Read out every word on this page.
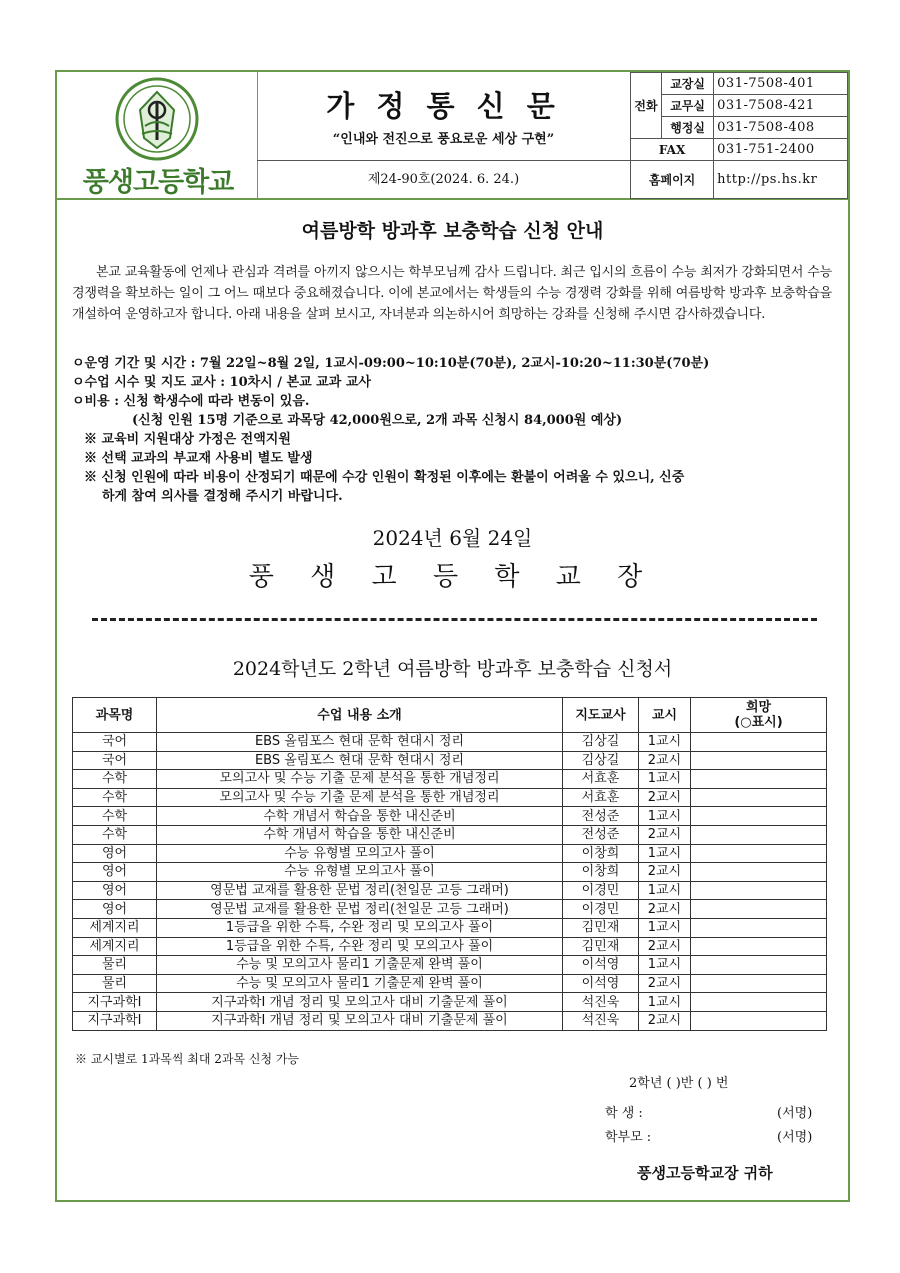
풍생고등학교
가 정 통 신 문
“인내와 전진으로 풍요로운 세상 구현”
제24-90호(2024. 6. 24.)
전화	교장실	031-7508-401
	교무실	031-7508-421
	행정실	031-7508-408
FAX		031-751-2400
홈페이지		http://ps.hs.kr
여름방학 방과후 보충학습 신청 안내
본교 교육활동에 언제나 관심과 격려를 아끼지 않으시는 학부모님께 감사 드립니다. 최근 입시의 흐름이 수능 최저가 강화되면서 수능 경쟁력을 확보하는 일이 그 어느 때보다 중요해졌습니다. 이에 본교에서는 학생들의 수능 경쟁력 강화를 위해 여름방학 방과후 보충학습을 개설하여 운영하고자 합니다. 아래 내용을 살펴 보시고, 자녀분과 의논하시어 희망하는 강좌를 신청해 주시면 감사하겠습니다.
ㅇ운영 기간 및 시간 : 7월 22일~8월 2일, 1교시-09:00~10:10분(70분), 2교시-10:20~11:30분(70분)
ㅇ수업 시수 및 지도 교사 : 10차시 / 본교 교과 교사
ㅇ비용 : 신청 학생수에 따라 변동이 있음.
(신청 인원 15명 기준으로 과목당 42,000원으로, 2개 과목 신청시 84,000원 예상)
※ 교육비 지원대상 가정은 전액지원
※ 선택 교과의 부교재 사용비 별도 발생
※ 신청 인원에 따라 비용이 산정되기 때문에 수강 인원이 확정된 이후에는 환불이 어려울 수 있으니, 신중
하게 참여 의사를 결정해 주시기 바랍니다.
2024년 6월 24일
풍 생 고 등 학 교 장
2024학년도 2학년 여름방학 방과후 보충학습 신청서
과목명	수업 내용 소개	지도교사	교시	희망
(○표시)
국어	EBS 올림포스 현대 문학 현대시 정리	김상길	1교시	
국어	EBS 올림포스 현대 문학 현대시 정리	김상길	2교시	
수학	모의고사 및 수능 기출 문제 분석을 통한 개념정리	서효훈	1교시	
수학	모의고사 및 수능 기출 문제 분석을 통한 개념정리	서효훈	2교시	
수학	수학 개념서 학습을 통한 내신준비	전성준	1교시	
수학	수학 개념서 학습을 통한 내신준비	전성준	2교시	
영어	수능 유형별 모의고사 풀이	이창희	1교시	
영어	수능 유형별 모의고사 풀이	이창희	2교시	
영어	영문법 교재를 활용한 문법 정리(천일문 고등 그래머)	이경민	1교시	
영어	영문법 교재를 활용한 문법 정리(천일문 고등 그래머)	이경민	2교시	
세계지리	1등급을 위한 수특, 수완 정리 및 모의고사 풀이	김민재	1교시	
세계지리	1등급을 위한 수특, 수완 정리 및 모의고사 풀이	김민재	2교시	
물리	수능 및 모의고사 물리1 기출문제 완벽 풀이	이석영	1교시	
물리	수능 및 모의고사 물리1 기출문제 완벽 풀이	이석영	2교시	
지구과학Ⅰ	지구과학Ⅰ 개념 정리 및 모의고사 대비 기출문제 풀이	석진욱	1교시	
지구과학Ⅰ	지구과학Ⅰ 개념 정리 및 모의고사 대비 기출문제 풀이	석진욱	2교시	
※ 교시별로 1과목씩 최대 2과목 신청 가능
2학년 ( )반 ( ) 번
학 생 :	(서명)
학부모 :	(서명)
풍생고등학교장 귀하
